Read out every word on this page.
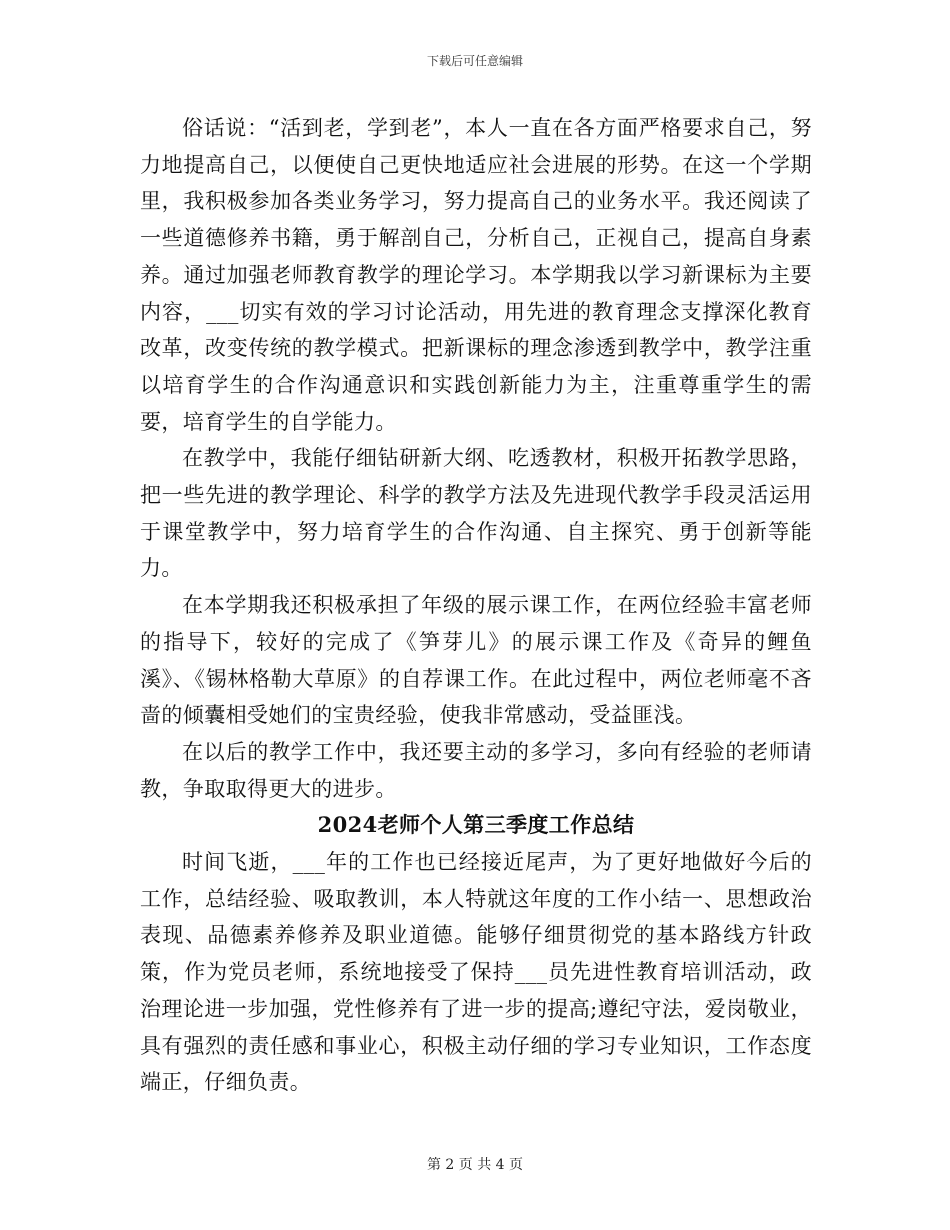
下载后可任意编辑

俗话说：“活到老，学到老”，本人一直在各方面严格要求自己，努力地提高自己，以便使自己更快地适应社会进展的形势。在这一个学期里，我积极参加各类业务学习，努力提高自己的业务水平。我还阅读了一些道德修养书籍，勇于解剖自己，分析自己，正视自己，提高自身素养。通过加强老师教育教学的理论学习。本学期我以学习新课标为主要内容，___切实有效的学习讨论活动，用先进的教育理念支撑深化教育改革，改变传统的教学模式。把新课标的理念渗透到教学中，教学注重以培育学生的合作沟通意识和实践创新能力为主，注重尊重学生的需要，培育学生的自学能力。

在教学中，我能仔细钻研新大纲、吃透教材，积极开拓教学思路，把一些先进的教学理论、科学的教学方法及先进现代教学手段灵活运用于课堂教学中，努力培育学生的合作沟通、自主探究、勇于创新等能力。

在本学期我还积极承担了年级的展示课工作，在两位经验丰富老师的指导下，较好的完成了《笋芽儿》的展示课工作及《奇异的鲤鱼溪》、《锡林格勒大草原》的自荐课工作。在此过程中，两位老师毫不吝啬的倾囊相受她们的宝贵经验，使我非常感动，受益匪浅。

在以后的教学工作中，我还要主动的多学习，多向有经验的老师请教，争取取得更大的进步。

2024老师个人第三季度工作总结

时间飞逝，___年的工作也已经接近尾声，为了更好地做好今后的工作，总结经验、吸取教训，本人特就这年度的工作小结一、思想政治表现、品德素养修养及职业道德。能够仔细贯彻党的基本路线方针政策，作为党员老师，系统地接受了保持___员先进性教育培训活动，政治理论进一步加强，党性修养有了进一步的提高;遵纪守法，爱岗敬业，具有强烈的责任感和事业心，积极主动仔细的学习专业知识，工作态度端正，仔细负责。

第 2 页 共 4 页
